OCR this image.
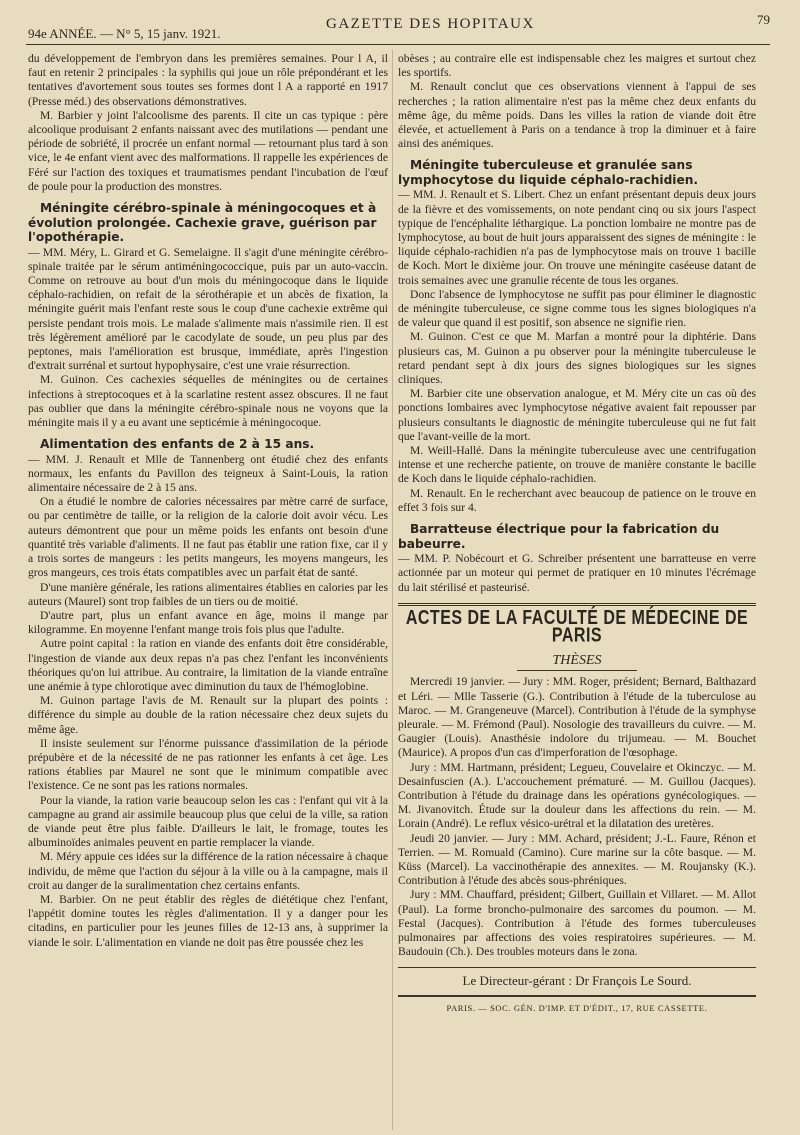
94e ANNÉE. — N° 5, 15 janv. 1921.
GAZETTE DES HOPITAUX	79

du développement de l'embryon dans les premières semaines. Pour l A, il faut en retenir 2 principales : la syphilis qui joue un rôle prépondérant et les tentatives d'avortement sous toutes ses formes dont l A a rapporté en 1917 (Presse méd.) des observations démonstratives.

M. Barbier y joint l'alcoolisme des parents. Il cite un cas typique : père alcoolique produisant 2 enfants naissant avec des mutilations — pendant une période de sobriété, il procrée un enfant normal — retournant plus tard à son vice, le 4e enfant vient avec des malformations. Il rappelle les expériences de Féré sur l'action des toxiques et traumatismes pendant l'incubation de l'œuf de poule pour la production des monstres.

Méningite cérébro-spinale à méningocoques et à évolution prolongée. Cachexie grave, guérison par l'opothérapie.

— MM. Méry, L. Girard et G. Semelaigne. Il s'agit d'une méningite cérébro-spinale traitée par le sérum antiméningococcique, puis par un auto-vaccin. Comme on retrouve au bout d'un mois du méningocoque dans le liquide céphalo-rachidien, on refait de la sérothérapie et un abcès de fixation, la méningite guérit mais l'enfant reste sous le coup d'une cachexie extrême qui persiste pendant trois mois. Le malade s'alimente mais n'assimile rien. Il est très légèrement amélioré par le cacodylate de soude, un peu plus par des peptones, mais l'amélioration est brusque, immédiate, après l'ingestion d'extrait surrénal et surtout hypophysaire, c'est une vraie résurrection.

M. Guinon. Ces cachexies séquelles de méningites ou de certaines infections à streptocoques et à la scarlatine restent assez obscures. Il ne faut pas oublier que dans la méningite cérébro-spinale nous ne voyons que la méningite mais il y a eu avant une septicémie à méningocoque.

Alimentation des enfants de 2 à 15 ans.

— MM. J. Renault et Mlle de Tannenberg ont étudié chez des enfants normaux, les enfants du Pavillon des teigneux à Saint-Louis, la ration alimentaire nécessaire de 2 à 15 ans.

On a étudié le nombre de calories nécessaires par mètre carré de surface, ou par centimètre de taille, or la religion de la calorie doit avoir vécu. Les auteurs démontrent que pour un même poids les enfants ont besoin d'une quantité très variable d'aliments. Il ne faut pas établir une ration fixe, car il y a trois sortes de mangeurs : les petits mangeurs, les moyens mangeurs, les gros mangeurs, ces trois états compatibles avec un parfait état de santé.

D'une manière générale, les rations alimentaires établies en calories par les auteurs (Maurel) sont trop faibles de un tiers ou de moitié.

D'autre part, plus un enfant avance en âge, moins il mange par kilogramme. En moyenne l'enfant mange trois fois plus que l'adulte.

Autre point capital : la ration en viande des enfants doit être considérable, l'ingestion de viande aux deux repas n'a pas chez l'enfant les inconvénients théoriques qu'on lui attribue. Au contraire, la limitation de la viande entraîne une anémie à type chlorotique avec diminution du taux de l'hémoglobine.

M. Guinon partage l'avis de M. Renault sur la plupart des points : différence du simple au double de la ration nécessaire chez deux sujets du même âge.

Il insiste seulement sur l'énorme puissance d'assimilation de la période prépubère et de la nécessité de ne pas rationner les enfants à cet âge. Les rations établies par Maurel ne sont que le minimum compatible avec l'existence. Ce ne sont pas les rations normales.

Pour la viande, la ration varie beaucoup selon les cas : l'enfant qui vit à la campagne au grand air assimile beaucoup plus que celui de la ville, sa ration de viande peut être plus faible. D'ailleurs le lait, le fromage, toutes les albuminoïdes animales peuvent en partie remplacer la viande.

M. Méry appuie ces idées sur la différence de la ration nécessaire à chaque individu, de même que l'action du séjour à la ville ou à la campagne, mais il croit au danger de la suralimentation chez certains enfants.

M. Barbier. On ne peut établir des règles de diététique chez l'enfant, l'appétit domine toutes les règles d'alimentation. Il y a danger pour les citadins, en particulier pour les jeunes filles de 12-13 ans, à supprimer la viande le soir. L'alimentation en viande ne doit pas être poussée chez les

obèses ; au contraire elle est indispensable chez les maigres et surtout chez les sportifs.

M. Renault conclut que ces observations viennent à l'appui de ses recherches ; la ration alimentaire n'est pas la même chez deux enfants du même âge, du même poids. Dans les villes la ration de viande doit être élevée, et actuellement à Paris on a tendance à trop la diminuer et à faire ainsi des anémiques.

Méningite tuberculeuse et granulée sans lymphocytose du liquide céphalo-rachidien.

— MM. J. Renault et S. Libert. Chez un enfant présentant depuis deux jours de la fièvre et des vomissements, on note pendant cinq ou six jours l'aspect typique de l'encéphalite léthargique. La ponction lombaire ne montre pas de lymphocytose, au bout de huit jours apparaissent des signes de méningite : le liquide céphalo-rachidien n'a pas de lymphocytose mais on trouve 1 bacille de Koch. Mort le dixième jour. On trouve une méningite caséeuse datant de trois semaines avec une granulie récente de tous les organes.

Donc l'absence de lymphocytose ne suffit pas pour éliminer le diagnostic de méningite tuberculeuse, ce signe comme tous les signes biologiques n'a de valeur que quand il est positif, son absence ne signifie rien.

M. Guinon. C'est ce que M. Marfan a montré pour la diphtérie. Dans plusieurs cas, M. Guinon a pu observer pour la méningite tuberculeuse le retard pendant sept à dix jours des signes biologiques sur les signes cliniques.

M. Barbier cite une observation analogue, et M. Méry cite un cas où des ponctions lombaires avec lymphocytose négative avaient fait repousser par plusieurs consultants le diagnostic de méningite tuberculeuse qui ne fut fait que l'avant-veille de la mort.

M. Weill-Hallé. Dans la méningite tuberculeuse avec une centrifugation intense et une recherche patiente, on trouve de manière constante le bacille de Koch dans le liquide céphalo-rachidien.

M. Renault. En le recherchant avec beaucoup de patience on le trouve en effet 3 fois sur 4.

Barratteuse électrique pour la fabrication du babeurre.

— MM. P. Nobécourt et G. Schreiber présentent une barratteuse en verre actionnée par un moteur qui permet de pratiquer en 10 minutes l'écrémage du lait stérilisé et pasteurisé.

ACTES DE LA FACULTÉ DE MÉDECINE DE PARIS
THÈSES

Mercredi 19 janvier. — Jury : MM. Roger, président; Bernard, Balthazard et Léri. — Mlle Tasserie (G.). Contribution à l'étude de la tuberculose au Maroc. — M. Grangeneuve (Marcel). Contribution à l'étude de la symphyse pleurale. — M. Frémond (Paul). Nosologie des travailleurs du cuivre. — M. Gaugier (Louis). Anasthésie indolore du trijumeau. — M. Bouchet (Maurice). A propos d'un cas d'imperforation de l'œsophage.

Jury : MM. Hartmann, président; Legueu, Couvelaire et Okinczyc. — M. Desainfuscien (A.). L'accouchement prématuré. — M. Guillou (Jacques). Contribution à l'étude du drainage dans les opérations gynécologiques. — M. Jivanovitch. Étude sur la douleur dans les affections du rein. — M. Lorain (André). Le reflux vésico-urétral et la dilatation des uretères.

Jeudi 20 janvier. — Jury : MM. Achard, président; J.-L. Faure, Rénon et Terrien. — M. Romuald (Camino). Cure marine sur la côte basque. — M. Küss (Marcel). La vaccinothérapie des annexites. — M. Roujansky (K.). Contribution à l'étude des abcès sous-phréniques.

Jury : MM. Chauffard, président; Gilbert, Guillain et Villaret. — M. Allot (Paul). La forme broncho-pulmonaire des sarcomes du poumon. — M. Festal (Jacques). Contribution à l'étude des formes tuberculeuses pulmonaires par affections des voies respiratoires supérieures. — M. Baudouin (Ch.). Des troubles moteurs dans le zona.

Le Directeur-gérant : Dr François Le Sourd.
PARIS. — SOC. GÉN. D'IMP. ET D'ÉDIT., 17, RUE CASSETTE.
